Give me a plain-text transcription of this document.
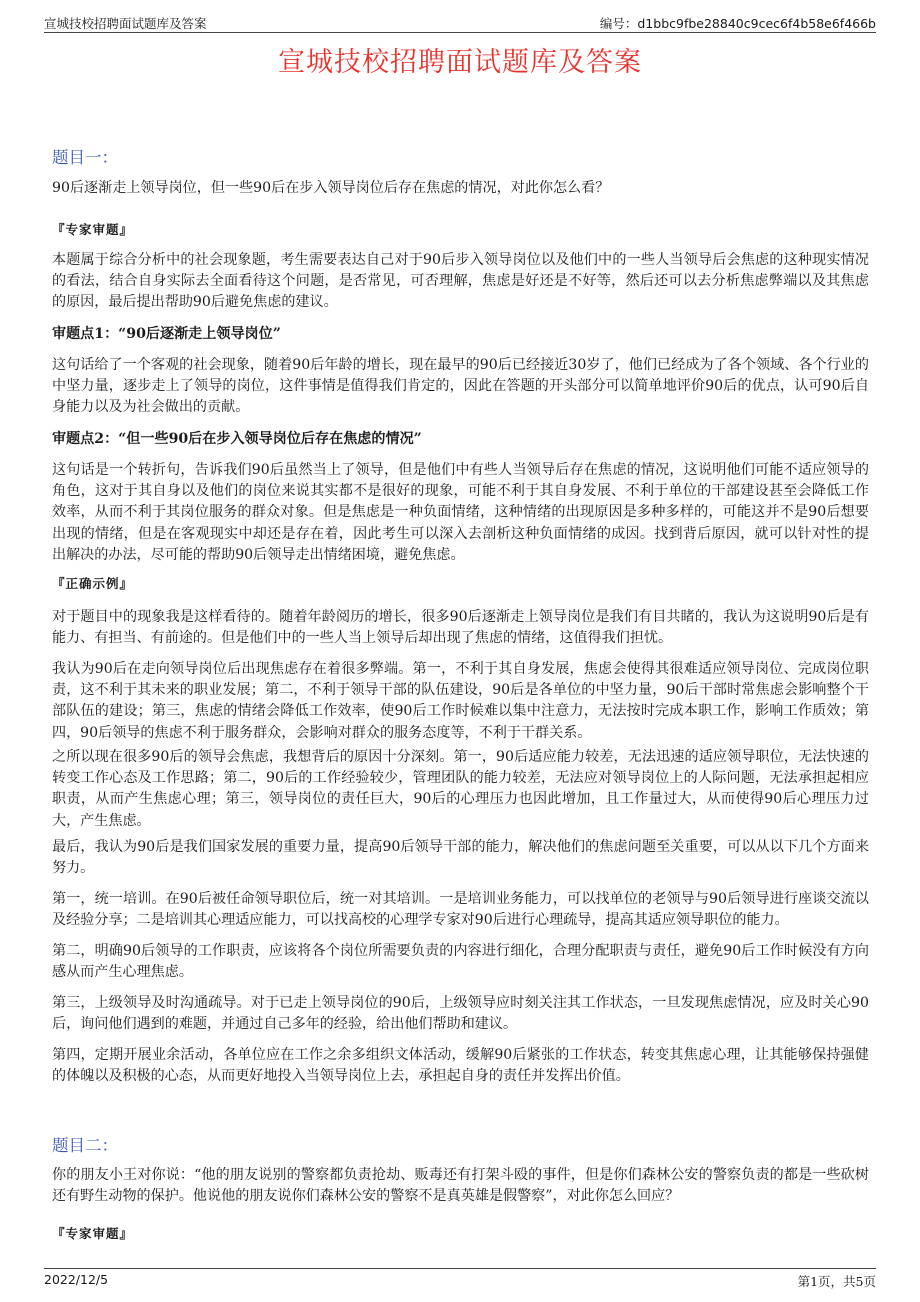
宣城技校招聘面试题库及答案	编号：d1bbc9fbe28840c9cec6f4b58e6f466b
宣城技校招聘面试题库及答案
题目一：
90后逐渐走上领导岗位，但一些90后在步入领导岗位后存在焦虑的情况，对此你怎么看？
『专家审题』
本题属于综合分析中的社会现象题，考生需要表达自己对于90后步入领导岗位以及他们中的一些人当领导后会焦虑的这种现实情况的看法，结合自身实际去全面看待这个问题，是否常见，可否理解，焦虑是好还是不好等，然后还可以去分析焦虑弊端以及其焦虑的原因，最后提出帮助90后避免焦虑的建议。
审题点1：“90后逐渐走上领导岗位”
这句话给了一个客观的社会现象，随着90后年龄的增长，现在最早的90后已经接近30岁了，他们已经成为了各个领域、各个行业的中坚力量，逐步走上了领导的岗位，这件事情是值得我们肯定的，因此在答题的开头部分可以简单地评价90后的优点，认可90后自身能力以及为社会做出的贡献。
审题点2：“但一些90后在步入领导岗位后存在焦虑的情况”
这句话是一个转折句，告诉我们90后虽然当上了领导，但是他们中有些人当领导后存在焦虑的情况，这说明他们可能不适应领导的角色，这对于其自身以及他们的岗位来说其实都不是很好的现象，可能不利于其自身发展、不利于单位的干部建设甚至会降低工作效率，从而不利于其岗位服务的群众对象。但是焦虑是一种负面情绪，这种情绪的出现原因是多种多样的，可能这并不是90后想要出现的情绪，但是在客观现实中却还是存在着，因此考生可以深入去剖析这种负面情绪的成因。找到背后原因，就可以针对性的提出解决的办法，尽可能的帮助90后领导走出情绪困境，避免焦虑。
『正确示例』
对于题目中的现象我是这样看待的。随着年龄阅历的增长，很多90后逐渐走上领导岗位是我们有目共睹的，我认为这说明90后是有能力、有担当、有前途的。但是他们中的一些人当上领导后却出现了焦虑的情绪，这值得我们担忧。
我认为90后在走向领导岗位后出现焦虑存在着很多弊端。第一，不利于其自身发展，焦虑会使得其很难适应领导岗位、完成岗位职责，这不利于其未来的职业发展；第二，不利于领导干部的队伍建设，90后是各单位的中坚力量，90后干部时常焦虑会影响整个干部队伍的建设；第三，焦虑的情绪会降低工作效率，使90后工作时候难以集中注意力，无法按时完成本职工作，影响工作质效；第四，90后领导的焦虑不利于服务群众，会影响对群众的服务态度等，不利于干群关系。
之所以现在很多90后的领导会焦虑，我想背后的原因十分深刻。第一，90后适应能力较差，无法迅速的适应领导职位，无法快速的转变工作心态及工作思路；第二，90后的工作经验较少，管理团队的能力较差，无法应对领导岗位上的人际问题，无法承担起相应职责，从而产生焦虑心理；第三，领导岗位的责任巨大，90后的心理压力也因此增加，且工作量过大，从而使得90后心理压力过大，产生焦虑。
最后，我认为90后是我们国家发展的重要力量，提高90后领导干部的能力，解决他们的焦虑问题至关重要，可以从以下几个方面来努力。
第一，统一培训。在90后被任命领导职位后，统一对其培训。一是培训业务能力，可以找单位的老领导与90后领导进行座谈交流以及经验分享；二是培训其心理适应能力，可以找高校的心理学专家对90后进行心理疏导，提高其适应领导职位的能力。
第二，明确90后领导的工作职责，应该将各个岗位所需要负责的内容进行细化，合理分配职责与责任，避免90后工作时候没有方向感从而产生心理焦虑。
第三，上级领导及时沟通疏导。对于已走上领导岗位的90后，上级领导应时刻关注其工作状态，一旦发现焦虑情况，应及时关心90后，询问他们遇到的难题，并通过自己多年的经验，给出他们帮助和建议。
第四，定期开展业余活动，各单位应在工作之余多组织文体活动，缓解90后紧张的工作状态，转变其焦虑心理，让其能够保持强健的体魄以及积极的心态，从而更好地投入当领导岗位上去，承担起自身的责任并发挥出价值。
题目二：
你的朋友小王对你说：“他的朋友说别的警察都负责抢劫、贩毒还有打架斗殴的事件，但是你们森林公安的警察负责的都是一些砍树还有野生动物的保护。他说他的朋友说你们森林公安的警察不是真英雄是假警察”，对此你怎么回应？
『专家审题』
2022/12/5	第1页，共5页
